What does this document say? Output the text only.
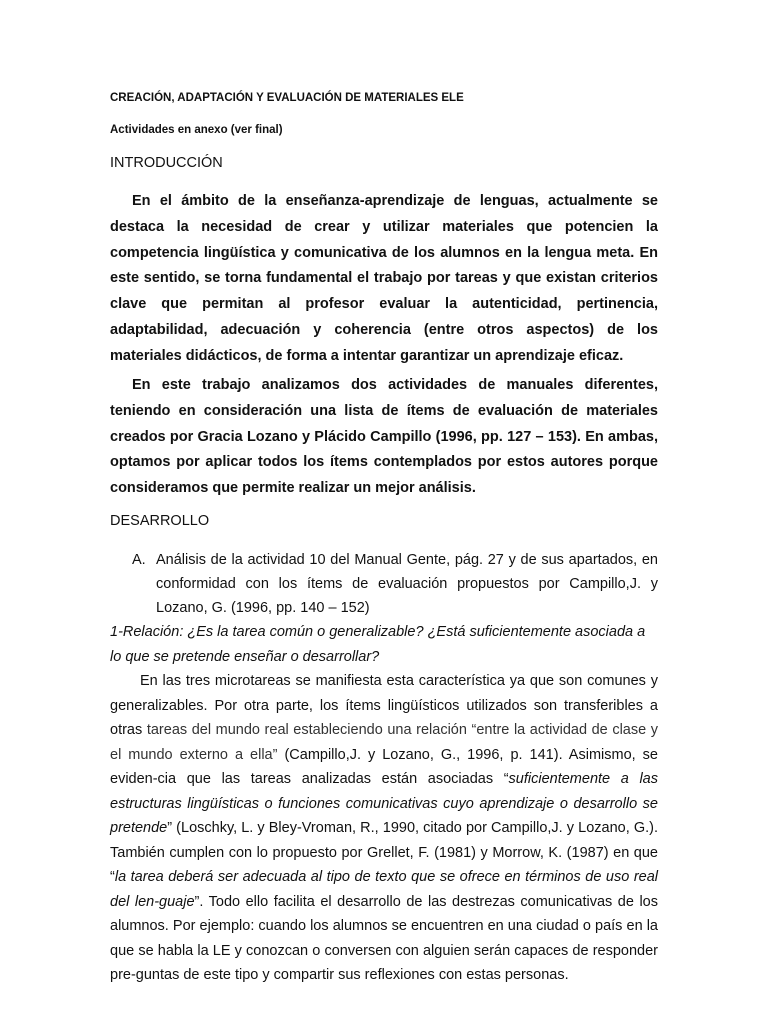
CREACIÓN, ADAPTACIÓN Y EVALUACIÓN DE MATERIALES ELE
Actividades en anexo (ver final)
INTRODUCCIÓN

En el ámbito de la enseñanza-aprendizaje de lenguas, actualmente se destaca la necesidad de crear y utilizar materiales que potencien la competencia lingüística y comunicativa de los alumnos en la lengua meta. En este sentido, se torna fundamental el trabajo por tareas y que existan criterios clave que permitan al profesor evaluar la autenticidad, pertinencia, adaptabilidad, adecuación y coherencia (entre otros aspectos) de los materiales didácticos, de forma a intentar garantizar un aprendizaje eficaz.

En este trabajo analizamos dos actividades de manuales diferentes, teniendo en consideración una lista de ítems de evaluación de materiales creados por Gracia Lozano y Plácido Campillo (1996, pp. 127 – 153). En ambas, optamos por aplicar todos los ítems contemplados por estos autores porque consideramos que permite realizar un mejor análisis.

DESARROLLO
A. Análisis de la actividad 10 del Manual Gente, pág. 27 y de sus apartados, en conformidad con los ítems de evaluación propuestos por Campillo,J. y Lozano, G. (1996, pp. 140 – 152)

1-Relación: ¿Es la tarea común o generalizable? ¿Está suficientemente asociada a lo que se pretende enseñar o desarrollar?

En las tres microtareas se manifiesta esta característica ya que son comunes y generalizables. Por otra parte, los ítems lingüísticos utilizados son transferibles a otras tareas del mundo real estableciendo una relación “entre la actividad de clase y el mundo externo a ella” (Campillo,J. y Lozano, G., 1996, p. 141). Asimismo, se eviden-cia que las tareas analizadas están asociadas “suficientemente a las estructuras lingüísticas o funciones comunicativas cuyo aprendizaje o desarrollo se pretende” (Loschky, L. y Bley-Vroman, R., 1990, citado por Campillo,J. y Lozano, G.). También cumplen con lo propuesto por Grellet, F. (1981) y Morrow, K. (1987) en que “la tarea deberá ser adecuada al tipo de texto que se ofrece en términos de uso real del len-guaje”. Todo ello facilita el desarrollo de las destrezas comunicativas de los alumnos. Por ejemplo: cuando los alumnos se encuentren en una ciudad o país en la que se habla la LE y conozcan o conversen con alguien serán capaces de responder pre-guntas de este tipo y compartir sus reflexiones con estas personas.
